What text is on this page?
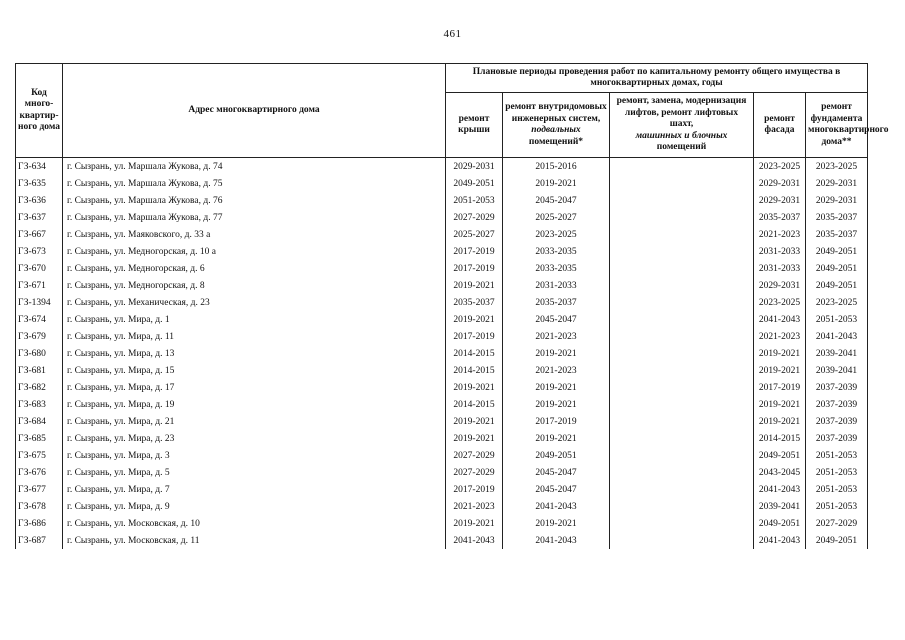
461
Код много-квартир-ного дома	Адрес многоквартирного дома	Плановые периоды проведения работ по капитальному ремонту общего имущества в многоквартирных домах, годы				
		ремонт крыши	ремонт внутридомовых инженерных систем,
подвальных
помещений*	ремонт, замена, модернизация лифтов, ремонт лифтовых шахт,
машинных и блочных
помещений	ремонт фасада	ремонт фундамента многоквартирного дома**
ГЗ-634	г. Сызрань, ул. Маршала Жукова, д. 74	2029-2031	2015-2016		2023-2025	2023-2025
ГЗ-635	г. Сызрань, ул. Маршала Жукова, д. 75	2049-2051	2019-2021		2029-2031	2029-2031
ГЗ-636	г. Сызрань, ул. Маршала Жукова, д. 76	2051-2053	2045-2047		2029-2031	2029-2031
ГЗ-637	г. Сызрань, ул. Маршала Жукова, д. 77	2027-2029	2025-2027		2035-2037	2035-2037
ГЗ-667	г. Сызрань, ул. Маяковского, д. 33 а	2025-2027	2023-2025		2021-2023	2035-2037
ГЗ-673	г. Сызрань, ул. Медногорская, д. 10 а	2017-2019	2033-2035		2031-2033	2049-2051
ГЗ-670	г. Сызрань, ул. Медногорская, д. 6	2017-2019	2033-2035		2031-2033	2049-2051
ГЗ-671	г. Сызрань, ул. Медногорская, д. 8	2019-2021	2031-2033		2029-2031	2049-2051
ГЗ-1394	г. Сызрань, ул. Механическая, д. 23	2035-2037	2035-2037		2023-2025	2023-2025
ГЗ-674	г. Сызрань, ул. Мира, д. 1	2019-2021	2045-2047		2041-2043	2051-2053
ГЗ-679	г. Сызрань, ул. Мира, д. 11	2017-2019	2021-2023		2021-2023	2041-2043
ГЗ-680	г. Сызрань, ул. Мира, д. 13	2014-2015	2019-2021		2019-2021	2039-2041
ГЗ-681	г. Сызрань, ул. Мира, д. 15	2014-2015	2021-2023		2019-2021	2039-2041
ГЗ-682	г. Сызрань, ул. Мира, д. 17	2019-2021	2019-2021		2017-2019	2037-2039
ГЗ-683	г. Сызрань, ул. Мира, д. 19	2014-2015	2019-2021		2019-2021	2037-2039
ГЗ-684	г. Сызрань, ул. Мира, д. 21	2019-2021	2017-2019		2019-2021	2037-2039
ГЗ-685	г. Сызрань, ул. Мира, д. 23	2019-2021	2019-2021		2014-2015	2037-2039
ГЗ-675	г. Сызрань, ул. Мира, д. 3	2027-2029	2049-2051		2049-2051	2051-2053
ГЗ-676	г. Сызрань, ул. Мира, д. 5	2027-2029	2045-2047		2043-2045	2051-2053
ГЗ-677	г. Сызрань, ул. Мира, д. 7	2017-2019	2045-2047		2041-2043	2051-2053
ГЗ-678	г. Сызрань, ул. Мира, д. 9	2021-2023	2041-2043		2039-2041	2051-2053
ГЗ-686	г. Сызрань, ул. Московская, д. 10	2019-2021	2019-2021		2049-2051	2027-2029
ГЗ-687	г. Сызрань, ул. Московская, д. 11	2041-2043	2041-2043		2041-2043	2049-2051
